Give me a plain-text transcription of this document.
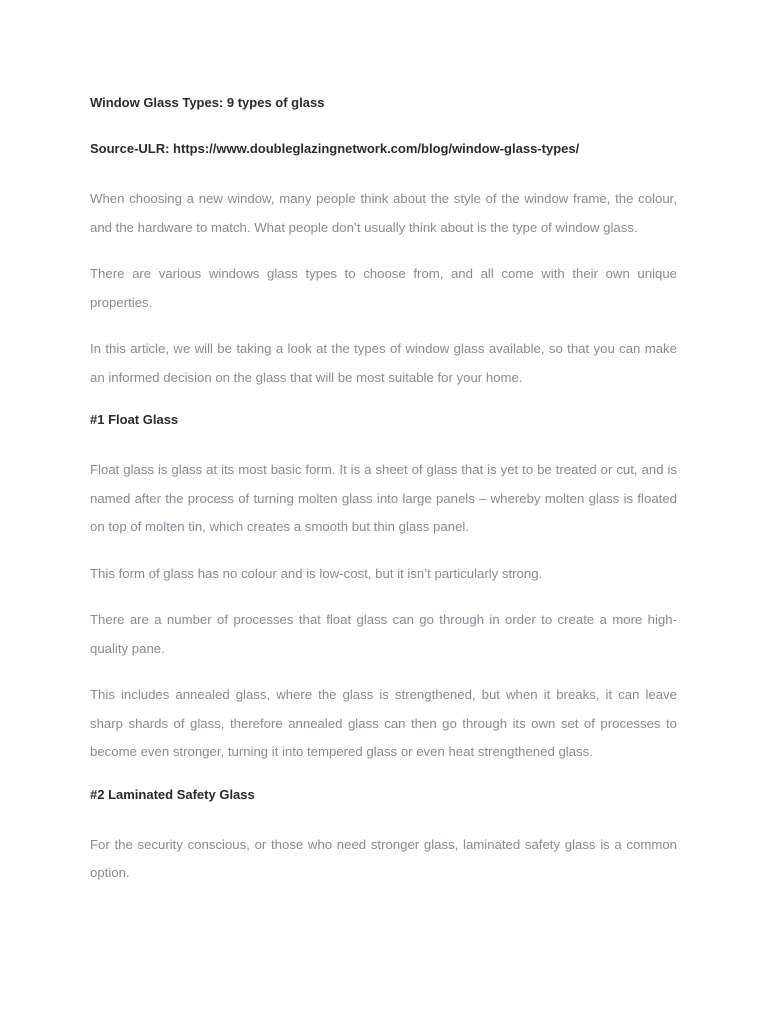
Window Glass Types: 9 types of glass

Source-ULR: https://www.doubleglazingnetwork.com/blog/window-glass-types/

When choosing a new window, many people think about the style of the window frame, the colour, and the hardware to match. What people don’t usually think about is the type of window glass.

There are various windows glass types to choose from, and all come with their own unique properties.

In this article, we will be taking a look at the types of window glass available, so that you can make an informed decision on the glass that will be most suitable for your home.

#1 Float Glass

Float glass is glass at its most basic form. It is a sheet of glass that is yet to be treated or cut, and is named after the process of turning molten glass into large panels – whereby molten glass is floated on top of molten tin, which creates a smooth but thin glass panel.

This form of glass has no colour and is low-cost, but it isn’t particularly strong.

There are a number of processes that float glass can go through in order to create a more high-quality pane.

This includes annealed glass, where the glass is strengthened, but when it breaks, it can leave sharp shards of glass, therefore annealed glass can then go through its own set of processes to become even stronger, turning it into tempered glass or even heat strengthened glass.

#2 Laminated Safety Glass

For the security conscious, or those who need stronger glass, laminated safety glass is a common option.
